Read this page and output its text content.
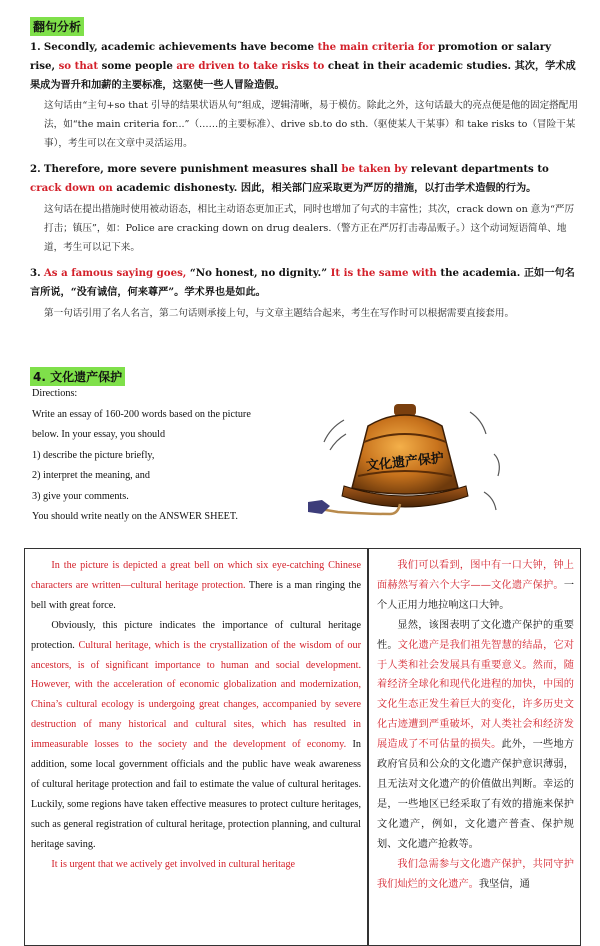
翻句分析
1. Secondly, academic achievements have become the main criteria for promotion or salary rise, so that some people are driven to take risks to cheat in their academic studies. 其次，学术成果成为晋升和加薪的主要标准，这驱使一些人冒险造假。
这句话由“主句+so that 引导的结果状语从句”组成，逻辑清晰，易于模仿。除此之外，这句话最大的亮点便是他的固定搭配用法，如“the main criteria for...”（……的主要标准）、drive sb.to do sth.（驱使某人干某事）和 take risks to（冒险干某事），考生可以在文章中灵活运用。
2. Therefore, more severe punishment measures shall be taken by relevant departments to crack down on academic dishonesty. 因此，相关部门应采取更为严厉的措施，以打击学术造假的行为。
这句话在提出措施时使用被动语态，相比主动语态更加正式，同时也增加了句式的丰富性；其次，crack down on 意为“严厉打击；镇压”，如：Police are cracking down on drug dealers.（警方正在严厉打击毒品贩子。）这个动词短语简单、地道，考生可以记下来。
3. As a famous saying goes, “No honest, no dignity.” It is the same with the academia. 正如一句名言所说，“没有诚信，何来尊严”。学术界也是如此。
第一句话引用了名人名言，第二句话则承接上句，与文章主题结合起来，考生在写作时可以根据需要直接套用。
4. 文化遗产保护
Directions:
Write an essay of 160-200 words based on the picture
below. In your essay, you should
1) describe the picture briefly,
2) interpret the meaning, and
3) give your comments.
You should write neatly on the ANSWER SHEET.
文化遗产保护
In the picture is depicted a great bell on which six eye-catching Chinese characters are written—cultural heritage protection. There is a man ringing the bell with great force.
Obviously, this picture indicates the importance of cultural heritage protection. Cultural heritage, which is the crystallization of the wisdom of our ancestors, is of significant importance to human and social development. However, with the acceleration of economic globalization and modernization, China’s cultural ecology is undergoing great changes, accompanied by severe destruction of many historical and cultural sites, which has resulted in immeasurable losses to the society and the development of economy. In addition, some local government officials and the public have weak awareness of cultural heritage protection and fail to estimate the value of cultural heritages. Luckily, some regions have taken effective measures to protect culture heritages, such as general registration of cultural heritage, protection planning, and cultural heritage saving.
It is urgent that we actively get involved in cultural heritage
我们可以看到，图中有一口大钟，钟上面赫然写着六个大字——文化遗产保护。一个人正用力地拉响这口大钟。
显然，该图表明了文化遗产保护的重要性。文化遗产是我们祖先智慧的结晶，它对于人类和社会发展具有重要意义。然而，随着经济全球化和现代化进程的加快，中国的文化生态正发生着巨大的变化，许多历史文化古迹遭到严重破坏，对人类社会和经济发展造成了不可估量的损失。此外，一些地方政府官员和公众的文化遗产保护意识薄弱，且无法对文化遗产的价值做出判断。幸运的是，一些地区已经采取了有效的措施来保护文化遗产，例如，文化遗产普查、保护规划、文化遗产抢救等。
我们急需参与文化遗产保护，共同守护我们灿烂的文化遗产。我坚信，通
